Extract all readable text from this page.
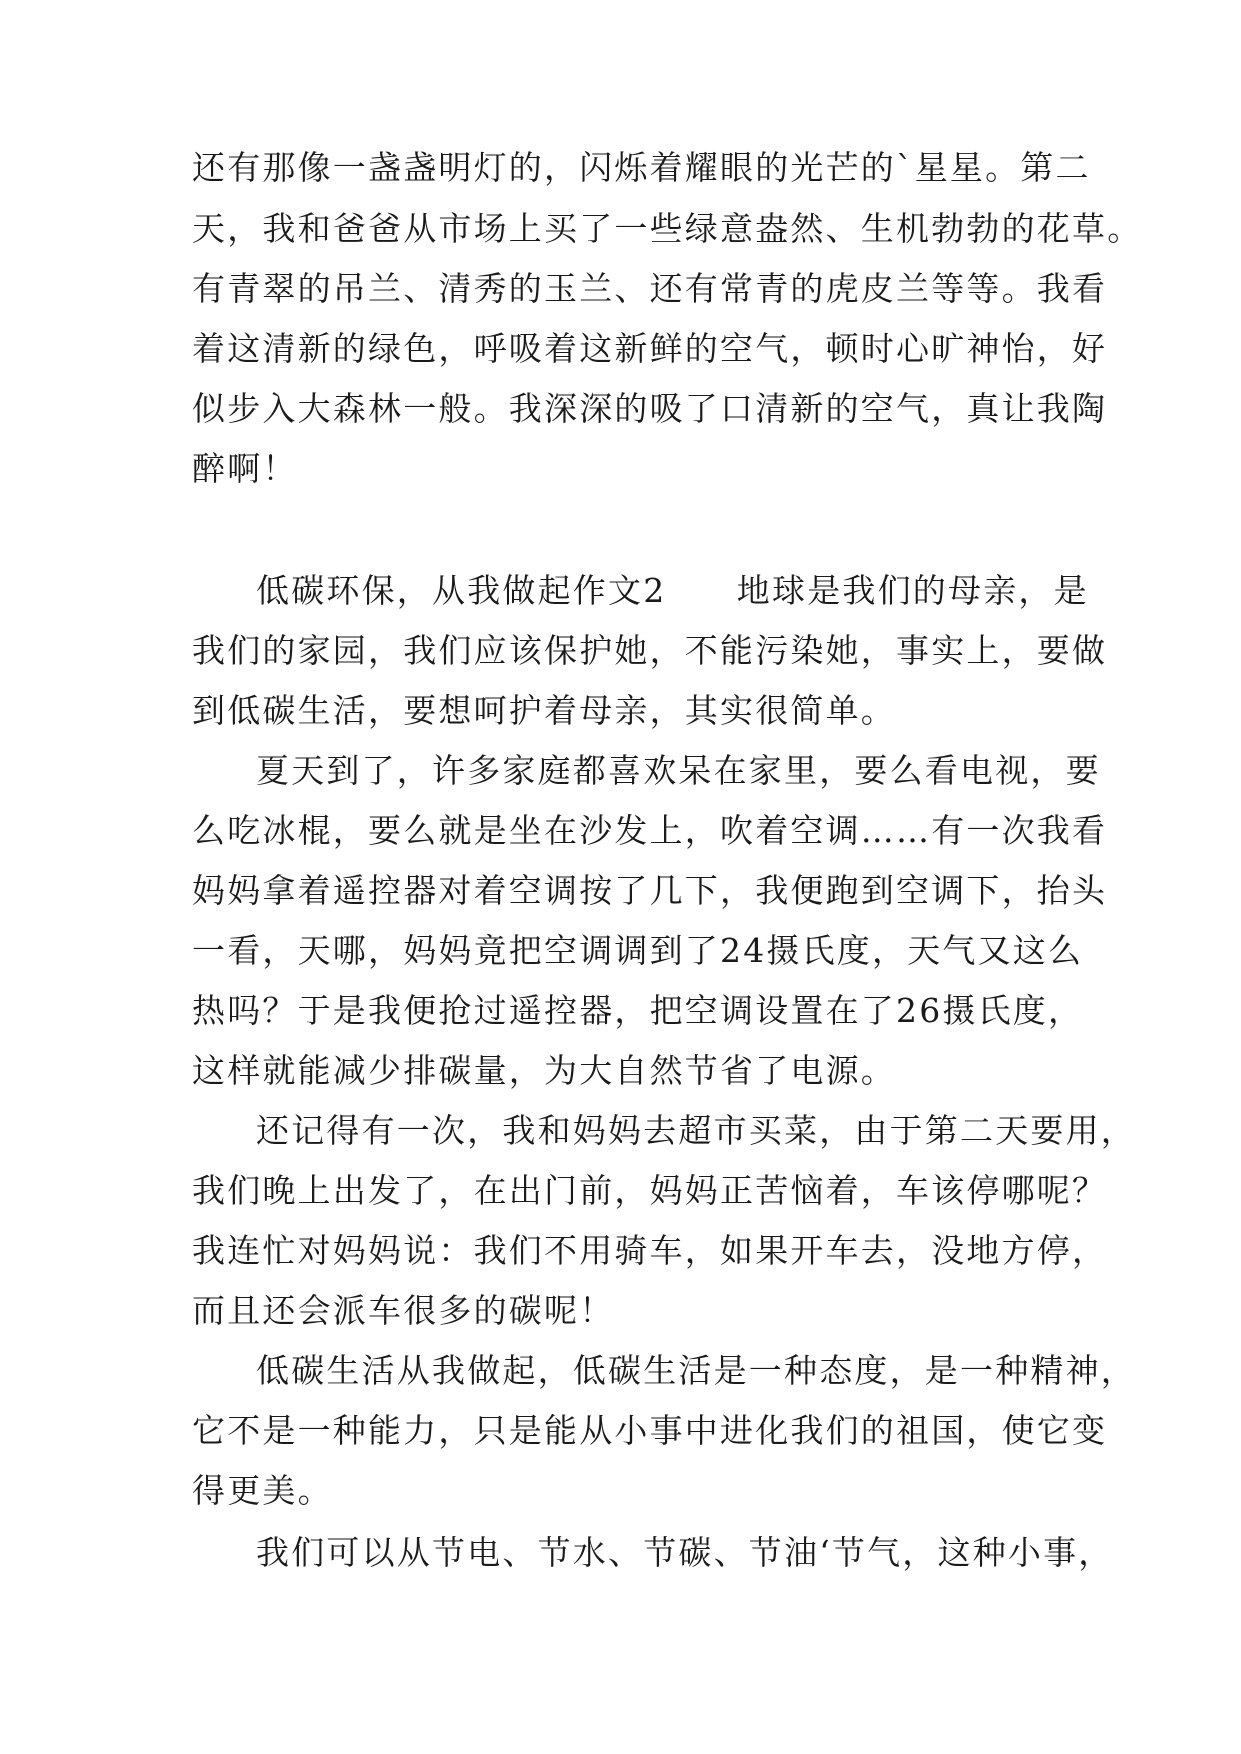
还有那像一盏盏明灯的，闪烁着耀眼的光芒的`星星。第二
天，我和爸爸从市场上买了一些绿意盎然、生机勃勃的花草。
有青翠的吊兰、清秀的玉兰、还有常青的虎皮兰等等。我看
着这清新的绿色，呼吸着这新鲜的空气，顿时心旷神怡，好
似步入大森林一般。我深深的吸了口清新的空气，真让我陶
醉啊！
低碳环保，从我做起作文2　　地球是我们的母亲，是
我们的家园，我们应该保护她，不能污染她，事实上，要做
到低碳生活，要想呵护着母亲，其实很简单。
夏天到了，许多家庭都喜欢呆在家里，要么看电视，要
么吃冰棍，要么就是坐在沙发上，吹着空调……有一次我看
妈妈拿着遥控器对着空调按了几下，我便跑到空调下，抬头
一看，天哪，妈妈竟把空调调到了24摄氏度，天气又这么
热吗？于是我便抢过遥控器，把空调设置在了26摄氏度，
这样就能减少排碳量，为大自然节省了电源。
还记得有一次，我和妈妈去超市买菜，由于第二天要用，
我们晚上出发了，在出门前，妈妈正苦恼着，车该停哪呢？
我连忙对妈妈说：我们不用骑车，如果开车去，没地方停，
而且还会派车很多的碳呢！
低碳生活从我做起，低碳生活是一种态度，是一种精神，
它不是一种能力，只是能从小事中进化我们的祖国，使它变
得更美。
我们可以从节电、节水、节碳、节油‘节气，这种小事，
